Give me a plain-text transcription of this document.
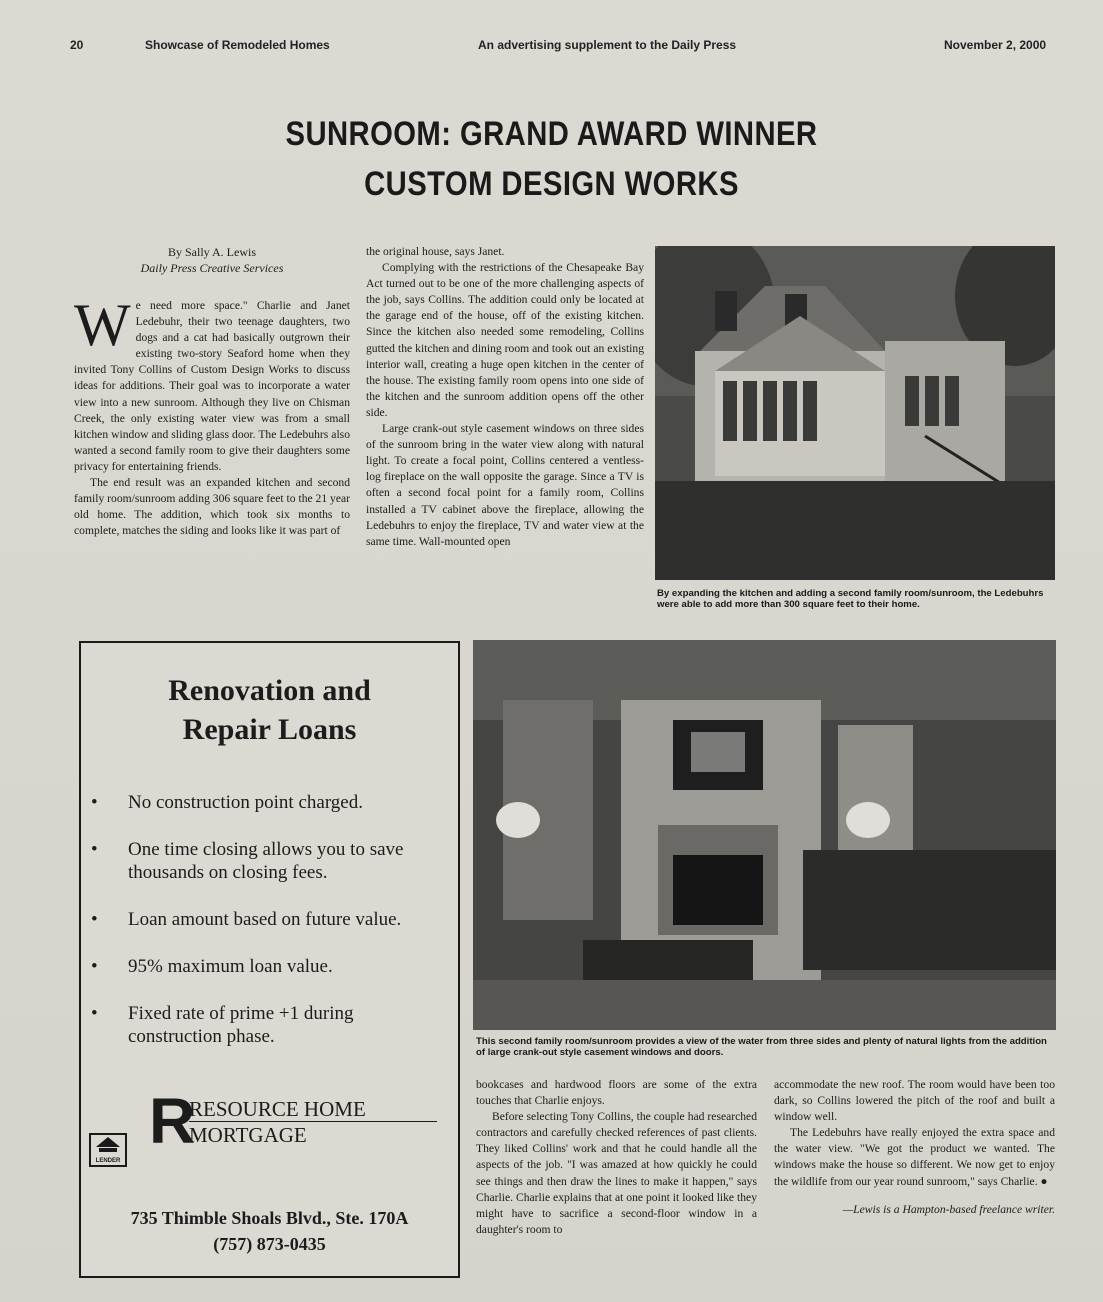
20	Showcase of Remodeled Homes	An advertising supplement to the Daily Press	November 2, 2000
SUNROOM: GRAND AWARD WINNER
CUSTOM DESIGN WORKS
By Sally A. Lewis
Daily Press Creative Services

We need more space." Charlie and Janet Ledebuhr, their two teenage daughters, two dogs and a cat had basically outgrown their existing two-story Seaford home when they invited Tony Collins of Custom Design Works to discuss ideas for additions. Their goal was to incorporate a water view into a new sunroom. Although they live on Chisman Creek, the only existing water view was from a small kitchen window and sliding glass door. The Ledebuhrs also wanted a second family room to give their daughters some privacy for entertaining friends.

The end result was an expanded kitchen and second family room/sunroom adding 306 square feet to the 21 year old home. The addition, which took six months to complete, matches the siding and looks like it was part of

the original house, says Janet.

Complying with the restrictions of the Chesapeake Bay Act turned out to be one of the more challenging aspects of the job, says Collins. The addition could only be located at the garage end of the house, off of the existing kitchen. Since the kitchen also needed some remodeling, Collins gutted the kitchen and dining room and took out an existing interior wall, creating a huge open kitchen in the center of the house. The existing family room opens into one side of the kitchen and the sunroom addition opens off the other side.

Large crank-out style casement windows on three sides of the sunroom bring in the water view along with natural light. To create a focal point, Collins centered a ventless-log fireplace on the wall opposite the garage. Since a TV is often a second focal point for a family room, Collins installed a TV cabinet above the fireplace, allowing the Ledebuhrs to enjoy the fireplace, TV and water view at the same time. Wall-mounted open

By expanding the kitchen and adding a second family room/sunroom, the Ledebuhrs were able to add more than 300 square feet to their home.
This second family room/sunroom provides a view of the water from three sides and plenty of natural lights from the addition of large crank-out style casement windows and doors.

bookcases and hardwood floors are some of the extra touches that Charlie enjoys.

Before selecting Tony Collins, the couple had researched contractors and carefully checked references of past clients. They liked Collins' work and that he could handle all the aspects of the job. "I was amazed at how quickly he could see things and then draw the lines to make it happen," says Charlie. Charlie explains that at one point it looked like they might have to sacrifice a second-floor window in a daughter's room to

accommodate the new roof. The room would have been too dark, so Collins lowered the pitch of the roof and built a window well.

The Ledebuhrs have really enjoyed the extra space and the water view. "We got the product we wanted. The windows make the house so different. We now get to enjoy the wildlife from our year round sunroom," says Charlie. ●

—Lewis is a Hampton-based freelance writer.

Renovation and
Repair Loans
• No construction point charged.
• One time closing allows you to save thousands on closing fees.
• Loan amount based on future value.
• 95% maximum loan value.
• Fixed rate of prime +1 during construction phase.
R
RESOURCE HOME
MORTGAGE
LENDER
735 Thimble Shoals Blvd., Ste. 170A
(757) 873-0435
